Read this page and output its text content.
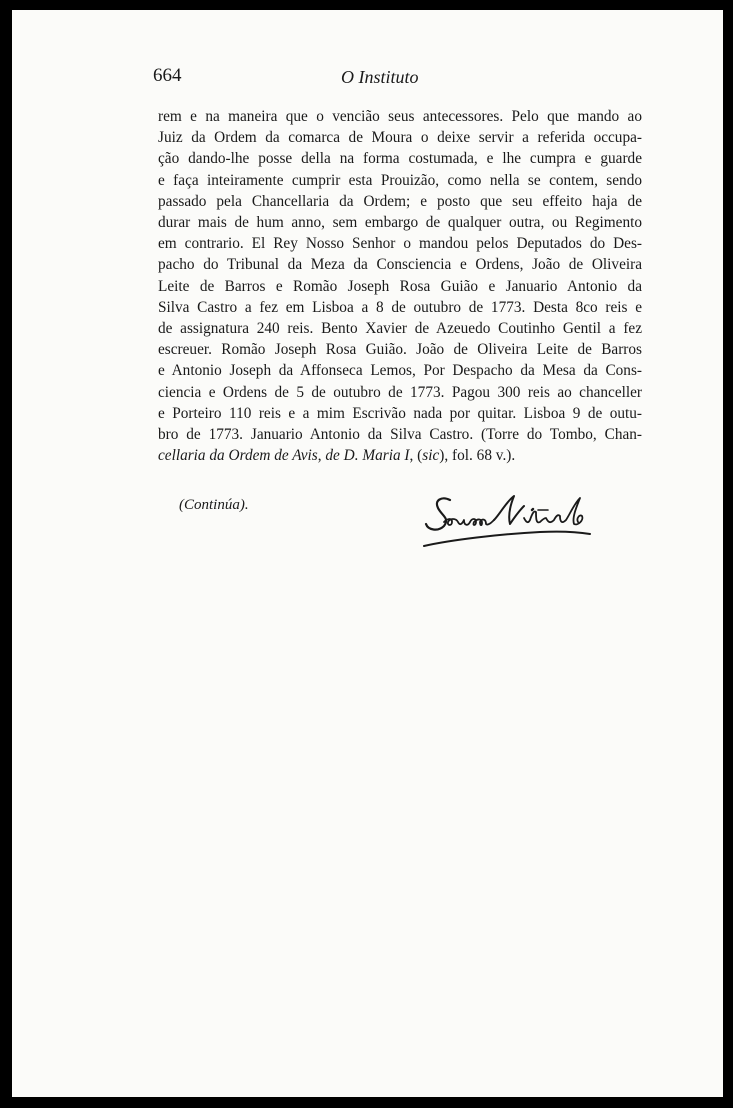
664	O Instituto
rem e na maneira que o vencião seus antecessores. Pelo que mando ao
Juiz da Ordem da comarca de Moura o deixe servir a referida occupa-
ção dando-lhe posse della na forma costumada, e lhe cumpra e guarde
e faça inteiramente cumprir esta Prouizão, como nella se contem, sendo
passado pela Chancellaria da Ordem; e posto que seu effeito haja de
durar mais de hum anno, sem embargo de qualquer outra, ou Regimento
em contrario. El Rey Nosso Senhor o mandou pelos Deputados do Des-
pacho do Tribunal da Meza da Consciencia e Ordens, João de Oliveira
Leite de Barros e Romão Joseph Rosa Guião e Januario Antonio da
Silva Castro a fez em Lisboa a 8 de outubro de 1773. Desta 8co reis e
de assignatura 240 reis. Bento Xavier de Azeuedo Coutinho Gentil a fez
escreuer. Romão Joseph Rosa Guião. João de Oliveira Leite de Barros
e Antonio Joseph da Affonseca Lemos, Por Despacho da Mesa da Cons-
ciencia e Ordens de 5 de outubro de 1773. Pagou 300 reis ao chanceller
e Porteiro 110 reis e a mim Escrivão nada por quitar. Lisboa 9 de outu-
bro de 1773. Januario Antonio da Silva Castro. (Torre do Tombo, Chan-
cellaria da Ordem de Avis, de D. Maria I, (sic), fol. 68 v.).
(Continúa).
